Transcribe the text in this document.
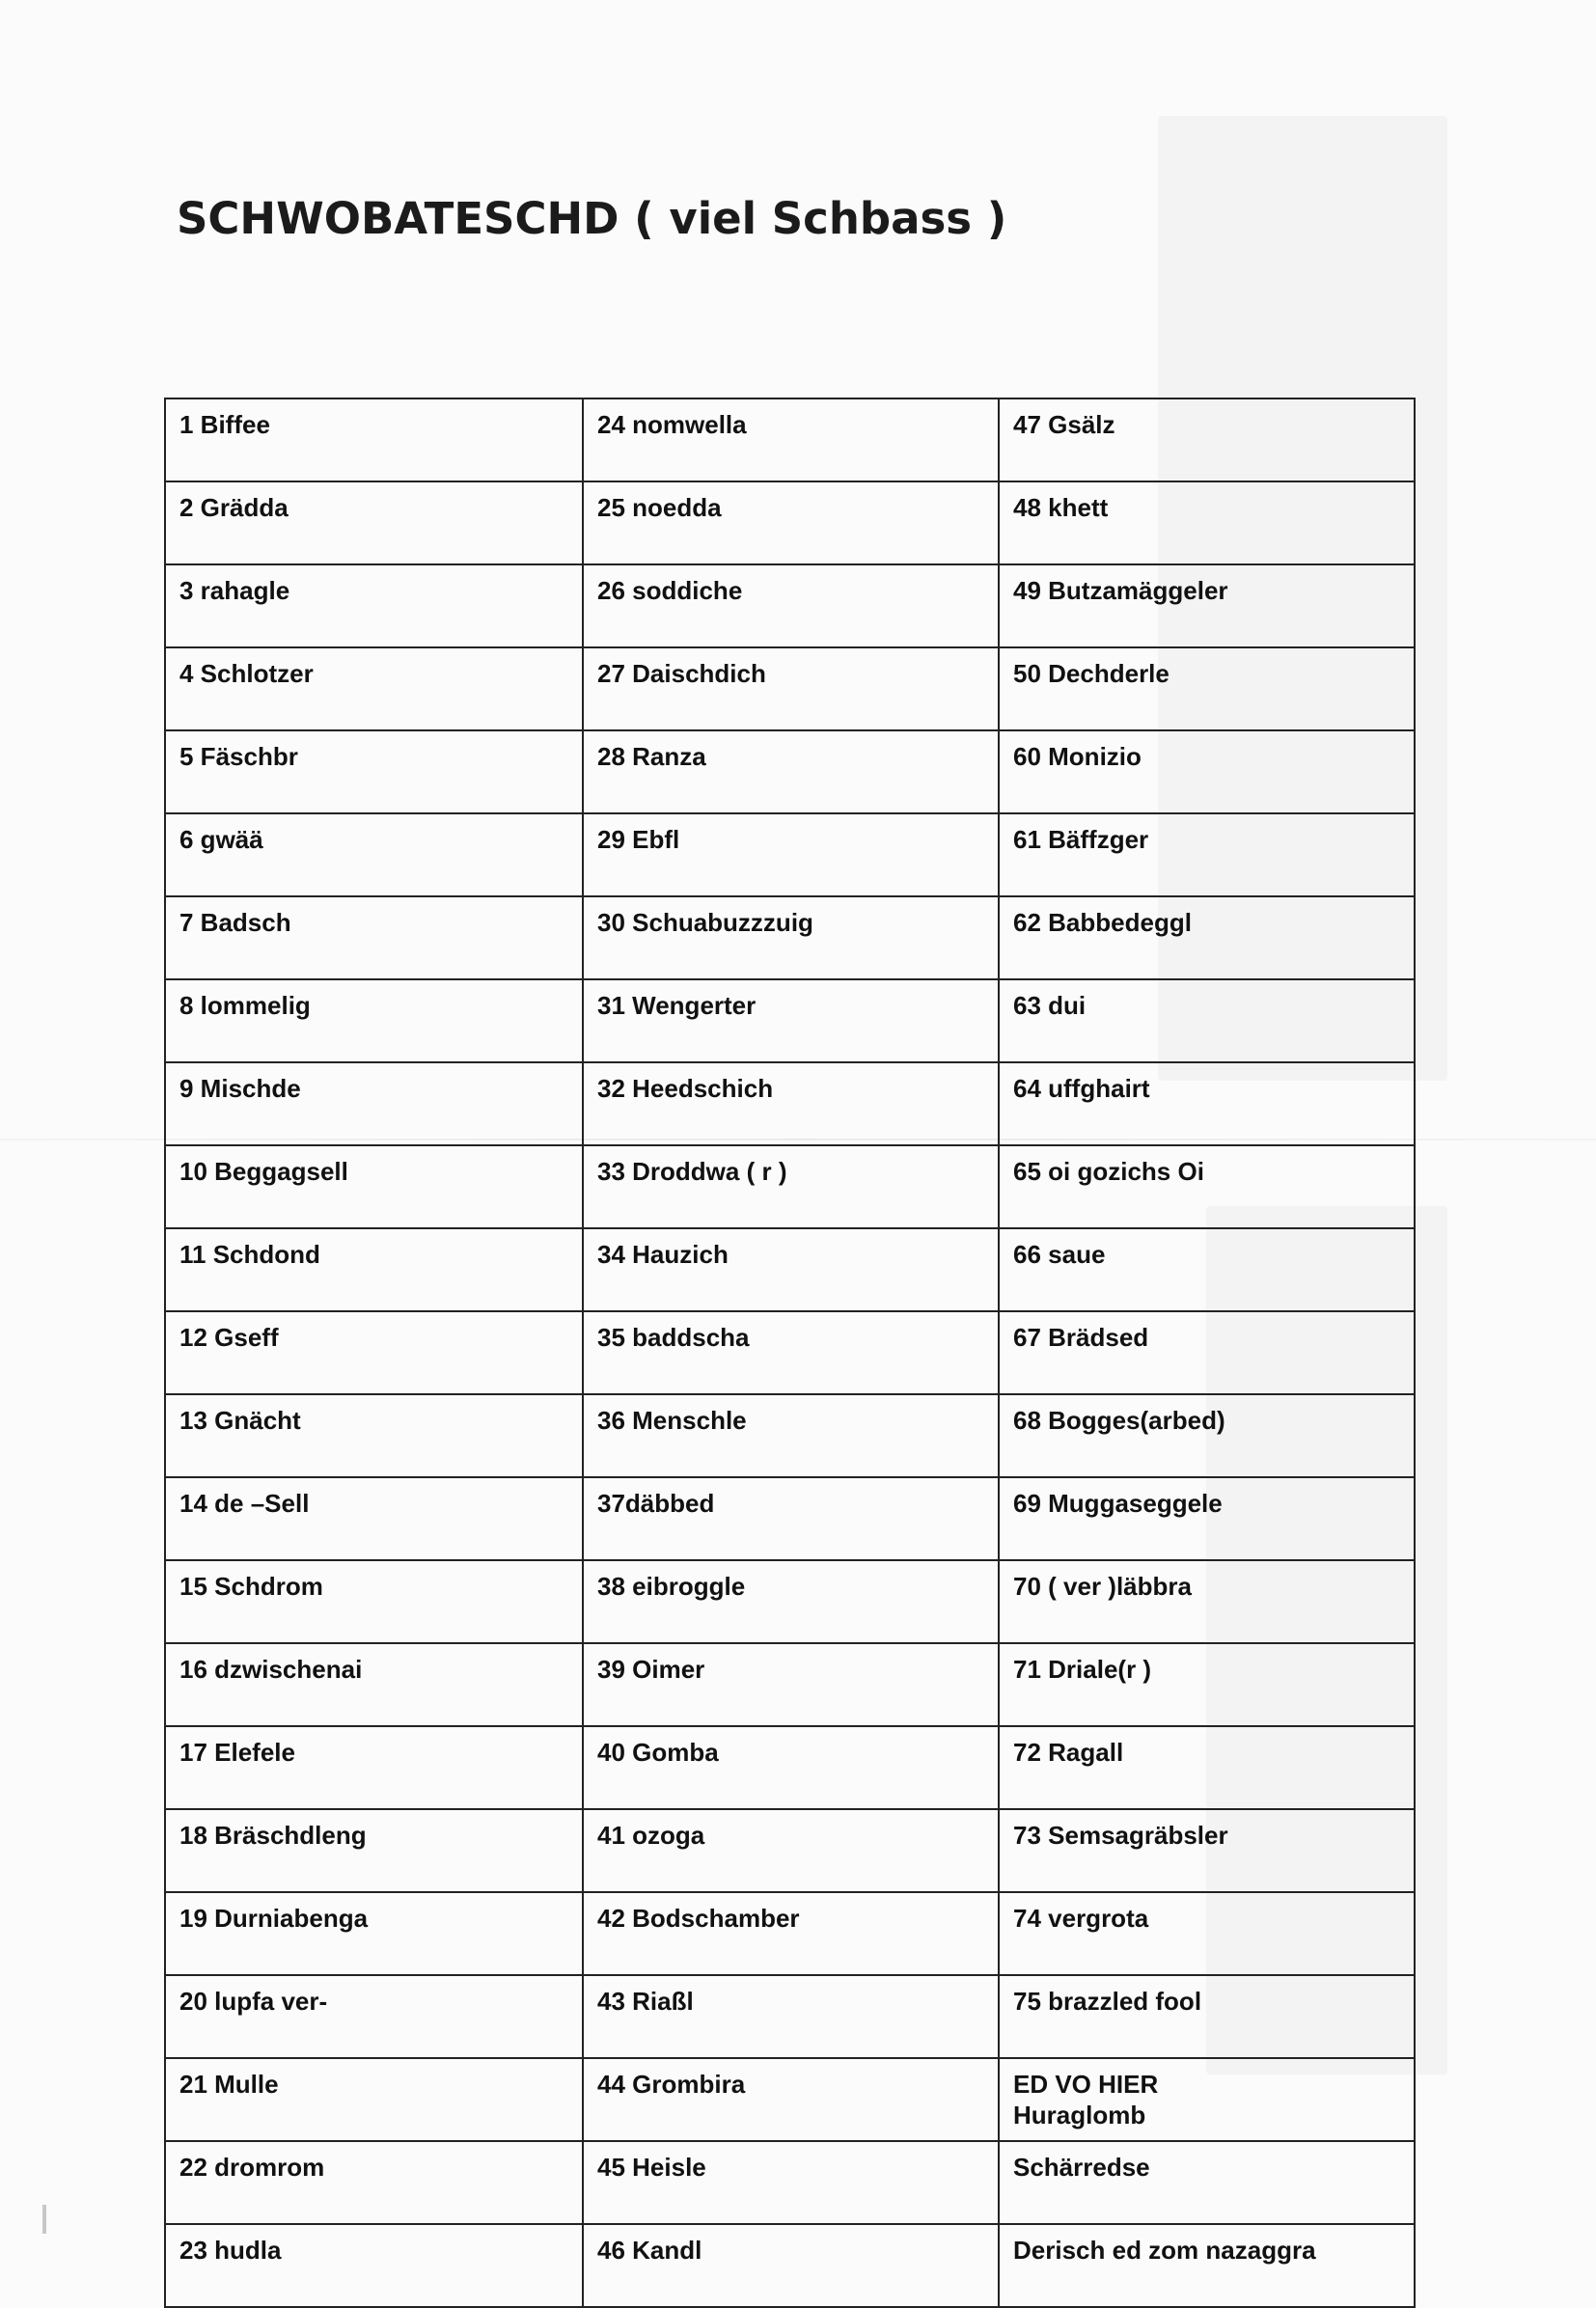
SCHWOBATESCHD ( viel Schbass )
1 Biffee	24 nomwella	47 Gsälz

2 Grädda	25 noedda	48 khett

3 rahagle	26 soddiche	49 Butzamäggeler

4 Schlotzer	27 Daischdich	50 Dechderle

5 Fäschbr	28 Ranza	60 Monizio

6 gwää	29 Ebfl	61 Bäffzger

7 Badsch	30 Schuabuzzzuig	62 Babbedeggl

8 lommelig	31 Wengerter	63 dui

9 Mischde	32 Heedschich	64 uffghairt

10 Beggagsell	33 Droddwa ( r )	65 oi gozichs Oi

11 Schdond	34 Hauzich	66 saue

12 Gseff	35 baddscha	67 Brädsed

13 Gnächt	36 Menschle	68 Bogges(arbed)

14 de –Sell	37däbbed	69 Muggaseggele

15 Schdrom	38 eibroggle	70 ( ver )läbbra

16 dzwischenai	39 Oimer	71 Driale(r )

17 Elefele	40 Gomba	72 Ragall

18 Bräschdleng	41 ozoga	73 Semsagräbsler

19 Durniabenga	42 Bodschamber	74 vergrota

20 lupfa ver-	43 Riaßl	75 brazzled fool

21 Mulle	44 Grombira	ED VO HIER
Huraglomb

22 dromrom	45 Heisle	Schärredse

23 hudla	46 Kandl	Derisch ed zom nazaggra
